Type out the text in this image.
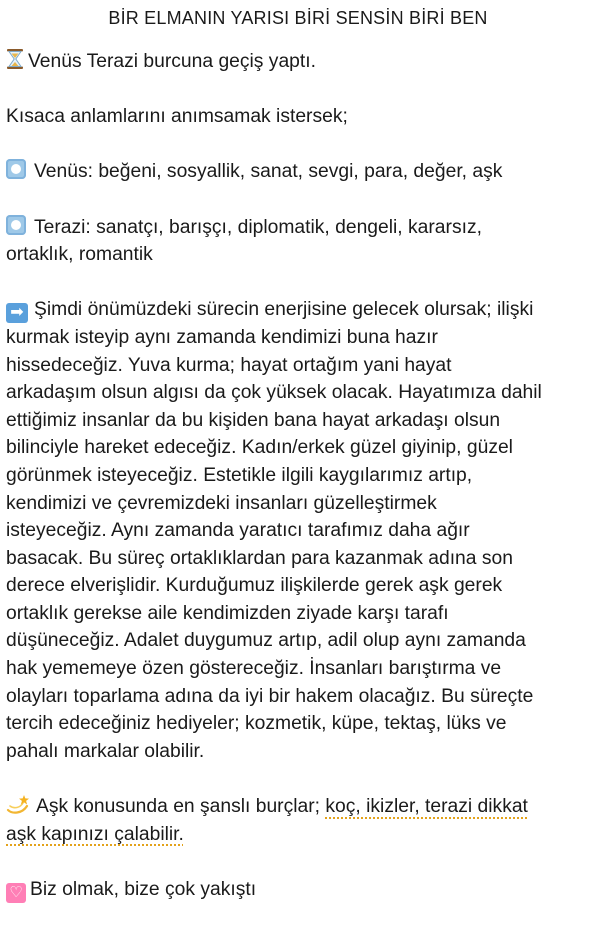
BİR ELMANIN YARISI BİRİ SENSİN BİRİ BEN

Venüs Terazi burcuna geçiş yaptı.

Kısaca anlamlarını anımsamak istersek;

Venüs: beğeni, sosyallik, sanat, sevgi, para, değer, aşk

Terazi: sanatçı, barışçı, diplomatik, dengeli, kararsız,

ortaklık, romantik

➡ Şimdi önümüzdeki sürecin enerjisine gelecek olursak; ilişki

kurmak isteyip aynı zamanda kendimizi buna hazır

hissedeceğiz. Yuva kurma; hayat ortağım yani hayat

arkadaşım olsun algısı da çok yüksek olacak. Hayatımıza dahil

ettiğimiz insanlar da bu kişiden bana hayat arkadaşı olsun

bilinciyle hareket edeceğiz. Kadın/erkek güzel giyinip, güzel

görünmek isteyeceğiz. Estetikle ilgili kaygılarımız artıp,

kendimizi ve çevremizdeki insanları güzelleştirmek

isteyeceğiz. Aynı zamanda yaratıcı tarafımız daha ağır

basacak. Bu süreç ortaklıklardan para kazanmak adına son

derece elverişlidir. Kurduğumuz ilişkilerde gerek aşk gerek

ortaklık gerekse aile kendimizden ziyade karşı tarafı

düşüneceğiz. Adalet duygumuz artıp, adil olup aynı zamanda

hak yememeye özen göstereceğiz. İnsanları barıştırma ve

olayları toparlama adına da iyi bir hakem olacağız. Bu süreçte

tercih edeceğiniz hediyeler; kozmetik, küpe, tektaş, lüks ve

pahalı markalar olabilir.

Aşk konusunda en şanslı burçlar; koç, ikizler, terazi dikkat

aşk kapınızı çalabilir.

♡ Biz olmak, bize çok yakıştı
